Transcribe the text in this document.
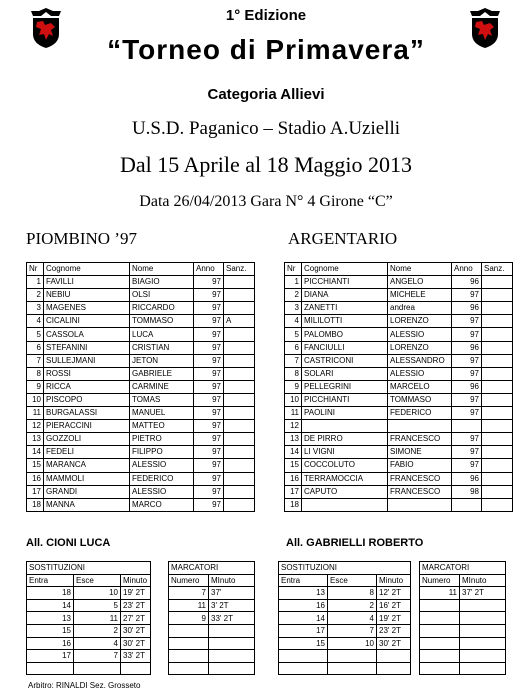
1° Edizione
“Torneo di Primavera”
Categoria Allievi
U.S.D. Paganico – Stadio A.Uzielli
Dal 15 Aprile al 18 Maggio 2013
Data 26/04/2013 Gara N° 4 Girone “C”
PIOMBINO ’97	ARGENTARIO
Nr	Cognome	Nome	Anno	Sanz.
1	FAVILLI	BIAGIO	97	
2	NEBIU	OLSI	97	
3	MAGENES	RICCARDO	97	
4	CICALINI	TOMMASO	97	A
5	CASSOLA	LUCA	97	
6	STEFANINI	CRISTIAN	97	
7	SULLEJMANI	JETON	97	
8	ROSSI	GABRIELE	97	
9	RICCA	CARMINE	97	
10	PISCOPO	TOMAS	97	
11	BURGALASSI	MANUEL	97	
12	PIERACCINI	MATTEO	97	
13	GOZZOLI	PIETRO	97	
14	FEDELI	FILIPPO	97	
15	MARANCA	ALESSIO	97	
16	MAMMOLI	FEDERICO	97	
17	GRANDI	ALESSIO	97	
18	MANNA	MARCO	97	
Nr	Cognome	Nome	Anno	Sanz.
1	PICCHIANTI	ANGELO	96	
2	DIANA	MICHELE	97	
3	ZANETTI	andrea	96	
4	MILILOTTI	LORENZO	97	
5	PALOMBO	ALESSIO	97	
6	FANCIULLI	LORENZO	96	
7	CASTRICONI	ALESSANDRO	97	
8	SOLARI	ALESSIO	97	
9	PELLEGRINI	MARCELO	96	
10	PICCHIANTI	TOMMASO	97	
11	PAOLINI	FEDERICO	97	
12				
13	DE PIRRO	FRANCESCO	97	
14	LI VIGNI	SIMONE	97	
15	COCCOLUTO	FABIO	97	
16	TERRAMOCCIA	FRANCESCO	96	
17	CAPUTO	FRANCESCO	98	
18				
All. CIONI LUCA	All. GABRIELLI ROBERTO
SOSTITUZIONI		
Entra	Esce	Minuto
18	10	19' 2T
14	5	23' 2T
13	11	27' 2T
15	2	30' 2T
16	4	30' 2T
17	7	33' 2T

MARCATORI	
Numero	MInuto
7	37'
11	3' 2T
9	33' 2T

SOSTITUZIONI		
Entra	Esce	Minuto
13	8	12' 2T
16	2	16' 2T
14	4	19' 2T
17	7	23' 2T
15	10	30' 2T

MARCATORI	
Numero	MInuto
11	37' 2T

Arbitro: RINALDI Sez. Grosseto
